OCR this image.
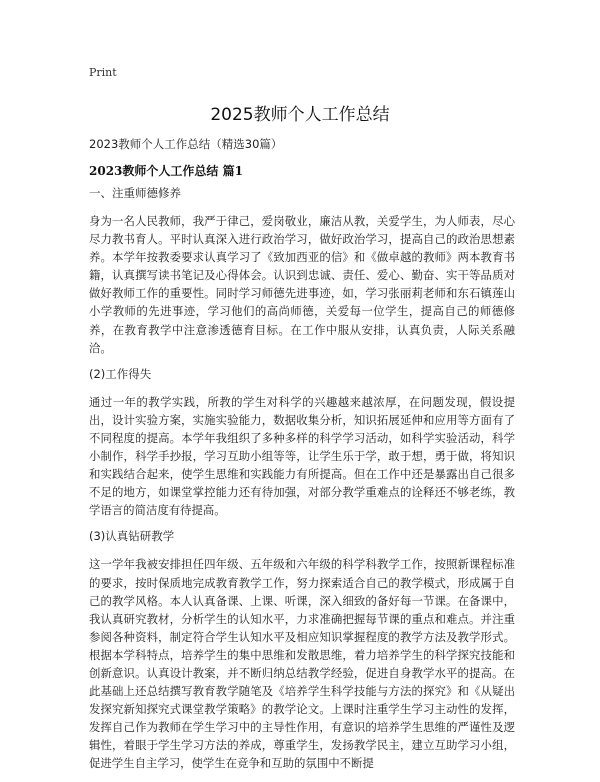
Print
2025教师个人工作总结
2023教师个人工作总结（精选30篇）
2023教师个人工作总结 篇1
一、注重师德修养

身为一名人民教师，我严于律己，爱岗敬业，廉洁从教，关爱学生，为人师表，尽心尽力教书育人。平时认真深入进行政治学习，做好政治学习，提高自己的政治思想素养。本学年按教委要求认真学习了《致加西亚的信》和《做卓越的教师》两本教育书籍，认真撰写读书笔记及心得体会。认识到忠诚、责任、爱心、勤奋、实干等品质对做好教师工作的重要性。同时学习师德先进事迹，如，学习张丽莉老师和东石镇莲山小学教师的先进事迹，学习他们的高尚师德，关爱每一位学生，提高自己的师德修养，在教育教学中注意渗透德育目标。在工作中服从安排，认真负责，人际关系融洽。

(2)工作得失

通过一年的教学实践，所教的学生对科学的兴趣越来越浓厚，在问题发现，假设提出，设计实验方案，实施实验能力，数据收集分析，知识拓展延伸和应用等方面有了不同程度的提高。本学年我组织了多种多样的科学学习活动，如科学实验活动，科学小制作，科学手抄报，学习互助小组等等，让学生乐于学，敢于想，勇于做，将知识和实践结合起来，使学生思维和实践能力有所提高。但在工作中还是暴露出自己很多不足的地方，如课堂掌控能力还有待加强，对部分教学重难点的诠释还不够老练，教学语言的简洁度有待提高。

(3)认真钻研教学

这一学年我被安排担任四年级、五年级和六年级的科学科教学工作，按照新课程标准的要求，按时保质地完成教育教学工作，努力探索适合自己的教学模式，形成属于自己的教学风格。本人认真备课、上课、听课，深入细致的备好每一节课。在备课中，我认真研究教材，分析学生的认知水平，力求准确把握每节课的重点和难点。并注重参阅各种资料，制定符合学生认知水平及相应知识掌握程度的教学方法及教学形式。根据本学科特点，培养学生的集中思维和发散思维，着力培养学生的科学探究技能和创新意识。认真设计教案，并不断归纳总结教学经验，促进自身教学水平的提高。在此基础上还总结撰写教育教学随笔及《培养学生科学技能与方法的探究》和《从疑出发探究新知探究式课堂教学策略》的教学论文。上课时注重学生学习主动性的发挥，发挥自己作为教师在学生学习中的主导性作用，有意识的培养学生思维的严谨性及逻辑性，着眼于学生学习方法的养成，尊重学生，发扬教学民主，建立互助学习小组，促进学生自主学习，使学生在竞争和互助的氛围中不断提
